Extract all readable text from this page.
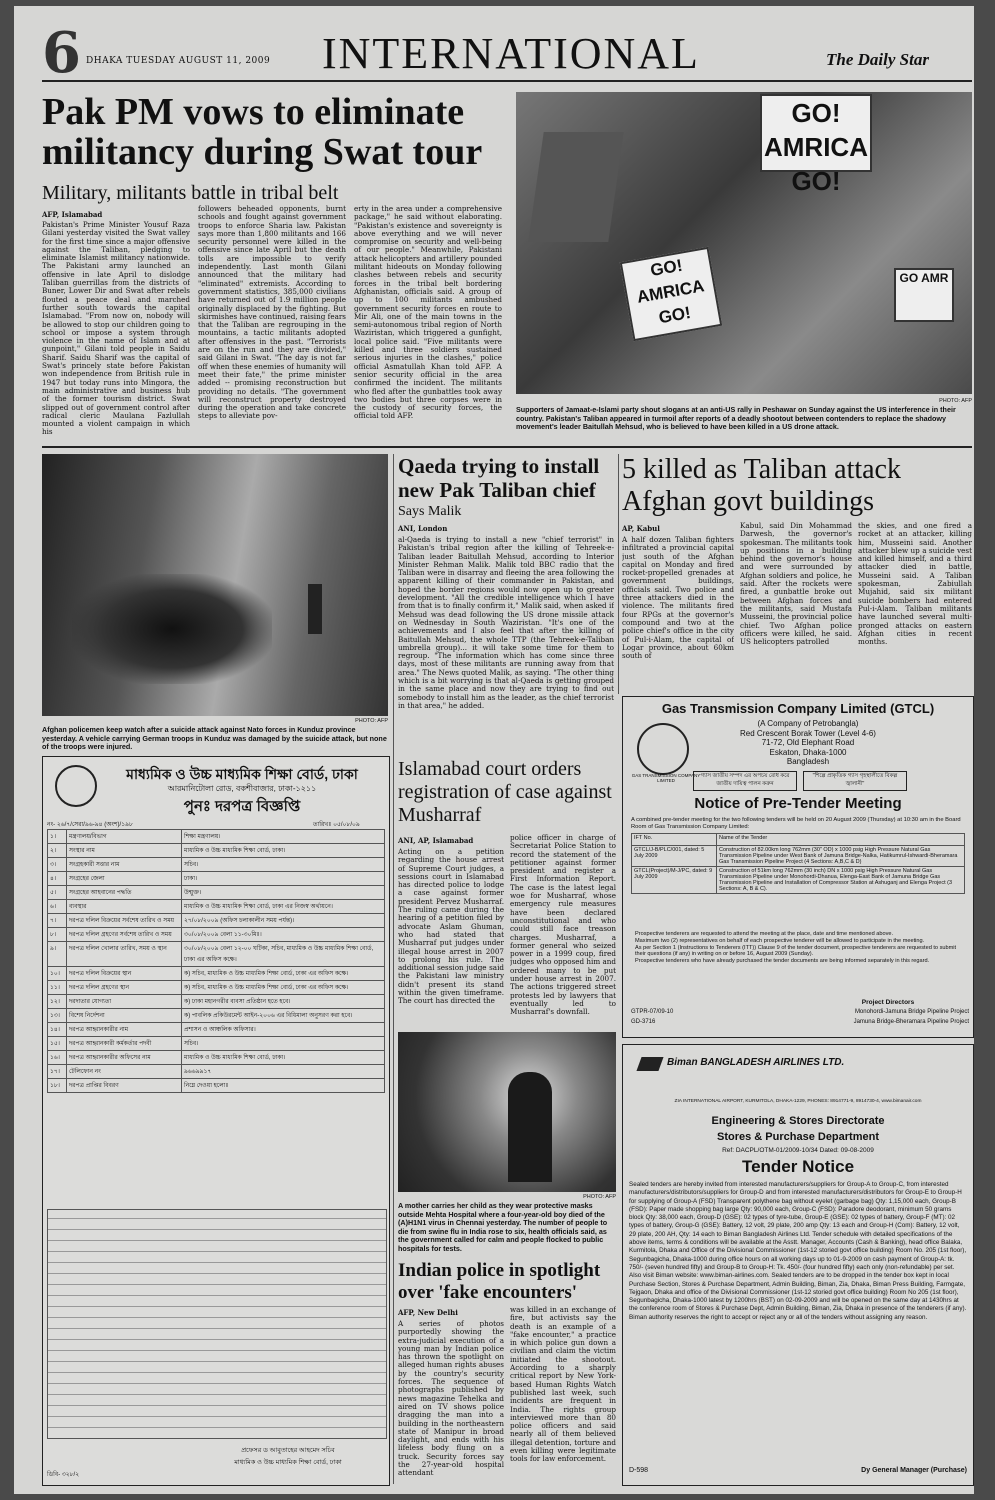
6 DHAKA TUESDAY AUGUST 11, 2009 INTERNATIONAL	The Daily Star
Pak PM vows to eliminate militancy during Swat tour
Military, militants battle in tribal belt
AFP, Islamabad
Pakistan's Prime Minister Yousuf Raza Gilani yesterday visited the Swat valley for the first time since a major offensive against the Taliban, pledging to eliminate Islamist militancy nationwide. The Pakistani army launched an offensive in late April to dislodge Taliban guerrillas from the districts of Buner, Lower Dir and Swat after rebels flouted a peace deal and marched further south towards the capital Islamabad. "From now on, nobody will be allowed to stop our children going to school or impose a system through violence in the name of Islam and at gunpoint," Gilani told people in Saidu Sharif. Saidu Sharif was the capital of Swat's princely state before Pakistan won independence from British rule in 1947 but today runs into Mingora, the main administrative and business hub of the former tourism district. Swat slipped out of government control after radical cleric Maulana Fazlullah mounted a violent campaign in which his
followers beheaded opponents, burnt schools and fought against government troops to enforce Sharia law. Pakistan says more than 1,800 militants and 166 security personnel were killed in the offensive since late April but the death tolls are impossible to verify independently. Last month Gilani announced that the military had "eliminated" extremists. According to government statistics, 385,000 civilians have returned out of 1.9 million people originally displaced by the fighting. But skirmishes have continued, raising fears that the Taliban are regrouping in the mountains, a tactic militants adopted after offensives in the past. "Terrorists are on the run and they are divided," said Gilani in Swat. "The day is not far off when these enemies of humanity will meet their fate," the prime minister added -- promising reconstruction but providing no details. "The government will reconstruct property destroyed during the operation and take concrete steps to alleviate pov-
erty in the area under a comprehensive package," he said without elaborating. "Pakistan's existence and sovereignty is above everything and we will never compromise on security and well-being of our people." Meanwhile, Pakistani attack helicopters and artillery pounded militant hideouts on Monday following clashes between rebels and security forces in the tribal belt bordering Afghanistan, officials said. A group of up to 100 militants ambushed government security forces en route to Mir Ali, one of the main towns in the semi-autonomous tribal region of North Waziristan, which triggered a gunfight, local police said. "Five militants were killed and three soldiers sustained serious injuries in the clashes," police official Asmatullah Khan told AFP. A senior security official in the area confirmed the incident. The militants who fled after the gunbattles took away two bodies but three corpses were in the custody of security forces, the official told AFP.
GO! AMRICA GO!
GO! AMRICA GO!
GO AMR
PHOTO: AFP
Supporters of Jamaat-e-Islami party shout slogans at an anti-US rally in Peshawar on Sunday against the US interference in their country. Pakistan's Taliban appeared in turmoil after reports of a deadly shootout between contenders to replace the shadowy movement's leader Baitullah Mehsud, who is believed to have been killed in a US drone attack.
PHOTO: AFP
Afghan policemen keep watch after a suicide attack against Nato forces in Kunduz province yesterday. A vehicle carrying German troops in Kunduz was damaged by the suicide attack, but none of the troops were injured.
Qaeda trying to install new Pak Taliban chief
Says Malik
ANI, London
al-Qaeda is trying to install a new "chief terrorist" in Pakistan's tribal region after the killing of Tehreek-e-Taliban leader Baitullah Mehsud, according to Interior Minister Rehman Malik. Malik told BBC radio that the Taliban were in disarray and fleeing the area following the apparent killing of their commander in Pakistan, and hoped the border regions would now open up to greater development. "All the credible intelligence which I have from that is to finally confirm it," Malik said, when asked if Mehsud was dead following the US drone missile attack on Wednesday in South Waziristan. "It's one of the achievements and I also feel that after the killing of Baitullah Mehsud, the whole TTP (the Tehreek-e-Taliban umbrella group)... it will take some time for them to regroup. "The information which has come since three days, most of these militants are running away from that area." The News quoted Malik, as saying. "The other thing which is a bit worrying is that al-Qaeda is getting grouped in the same place and now they are trying to find out somebody to install him as the leader, as the chief terrorist in that area," he added.
5 killed as Taliban attack Afghan govt buildings
AP, Kabul
A half dozen Taliban fighters infiltrated a provincial capital just south of the Afghan capital on Monday and fired rocket-propelled grenades at government buildings, officials said. Two police and three attackers died in the violence. The militants fired four RPGs at the governor's compound and two at the police chief's office in the city of Pul-i-Alam, the capital of Logar province, about 60km south of
Kabul, said Din Mohammad Darwesh, the governor's spokesman. The militants took up positions in a building behind the governor's house and were surrounded by Afghan soldiers and police, he said. After the rockets were fired, a gunbattle broke out between Afghan forces and the militants, said Mustafa Musseini, the provincial police chief. Two Afghan police officers were killed, he said. US helicopters patrolled
the skies, and one fired a rocket at an attacker, killing him, Musseini said. Another attacker blew up a suicide vest and killed himself, and a third attacker died in battle, Musseini said. A Taliban spokesman, Zabiullah Mujahid, said six militant suicide bombers had entered Pul-i-Alam. Taliban militants have launched several multi-pronged attacks on eastern Afghan cities in recent months.
মাধ্যমিক ও উচ্চ মাধ্যমিক শিক্ষা বোর্ড, ঢাকা
আরমানিটোলা রোড, বকশীবাজার, ঢাকা-১২১১
পুনঃ দরপত্র বিজ্ঞপ্তি
নং- ২৬/৭/সেরা/৯৬-৯৪ (অংশ)/১৯৮	তারিখঃ ০৫/০৮/০৯
১।	মন্ত্রণালয়/বিভাগ	শিক্ষা মন্ত্রণালয়।
২।	সংস্থার নাম	মাধ্যমিক ও উচ্চ মাধ্যমিক শিক্ষা বোর্ড, ঢাকা।
৩।	সংগ্রহকারী সত্তার নাম	সচিব।
৪।	সংগ্রহের জেলা	ঢাকা।
৫।	সংগ্রহের আহবানের পদ্ধতি	উন্মুক্ত।
৬।	ব্যবস্থার	মাধ্যমিক ও উচ্চ মাধ্যমিক শিক্ষা বোর্ড, ঢাকা এর নিজস্ব অর্থায়নে।
৭।	দরপত্র দলিল বিক্রয়ের সর্বশেষ তারিখ ও সময়	২৭/০৮/২০০৯ (অফিস চলাকালীন সময় পর্যন্ত)।
৮।	দরপত্র দলিল গ্রহণের সর্বশেষ তারিখ ও সময়	৩০/০৮/২০০৯ বেলা ১১-৩০মিঃ।
৯।	দরপত্র দলিল খোলার তারিখ, সময় ও স্থান	৩০/০৮/২০০৯ বেলা ১২-০০ ঘটিকা, সচিব, মাধ্যমিক ও উচ্চ মাধ্যমিক শিক্ষা বোর্ড, ঢাকা এর অফিস কক্ষে।
১০।	দরপত্র দলিল বিক্রয়ের স্থান	ক) সচিব, মাধ্যমিক ও উচ্চ মাধ্যমিক শিক্ষা বোর্ড, ঢাকা এর অফিস কক্ষে।
১১।	দরপত্র দলিল গ্রহণের স্থান	ক) সচিব, মাধ্যমিক ও উচ্চ মাধ্যমিক শিক্ষা বোর্ড, ঢাকা এর অফিস কক্ষে।
১২।	দরদাতার যোগ্যতা	ক) ঢাকা মহানগরীর ব্যবসা প্রতিষ্ঠান হতে হবে।
১৩।	বিশেষ নির্দেশনা	ক) পাবলিক প্রকিউরমেন্ট আইন-২০০৬ এর বিধিমালা অনুসরণ করা হবে।
১৪।	দরপত্র আহ্বানকারীর নাম	প্রশাসন ও আঞ্চলিক অফিসার।
১৫।	দরপত্র আহ্বানকারী কর্মকর্তার পদবী	সচিব।
১৬।	দরপত্র আহ্বানকারীর অফিসের নাম	মাধ্যমিক ও উচ্চ মাধ্যমিক শিক্ষা বোর্ড, ঢাকা।
১৭।	টেলিফোন নং	৯৬৬৯৯১৭
১৮।	দরপত্র প্রাপ্তির বিবরণ	নিম্নে দেওয়া হলোঃ
প্রফেসর ড আবুতাহের আহমেদ সচিব
মাধ্যমিক ও উচ্চ মাধ্যমিক শিক্ষা বোর্ড, ঢাকা
ডিবি- ৩২৮/২
Islamabad court orders registration of case against Musharraf
ANI, AP, Islamabad
Acting on a petition regarding the house arrest of Supreme Court judges, a sessions court in Islamabad has directed police to lodge a case against former president Pervez Musharraf. The ruling came during the hearing of a petition filed by advocate Aslam Ghuman, who had stated that Musharraf put judges under illegal house arrest in 2007 to prolong his rule. The additional session judge said the Pakistani law ministry didn't present its stand within the given timeframe. The court has directed the
police officer in charge of Secretariat Police Station to record the statement of the petitioner against former president and register a First Information Report. The case is the latest legal woe for Musharraf, whose emergency rule measures have been declared unconstitutional and who could still face treason charges. Musharraf, a former general who seized power in a 1999 coup, fired judges who opposed him and ordered many to be put under house arrest in 2007. The actions triggered street protests led by lawyers that eventually led to Musharraf's downfall.
PHOTO: AFP
A mother carries her child as they wear protective masks outside Mehta Hospital where a four-year-old boy died of the (A)H1N1 virus in Chennai yesterday. The number of people to die from swine flu in India rose to six, health officials said, as the government called for calm and people flocked to public hospitals for tests.
Indian police in spotlight over 'fake encounters'
AFP, New Delhi
A series of photos purportedly showing the extra-judicial execution of a young man by Indian police has thrown the spotlight on alleged human rights abuses by the country's security forces. The sequence of photographs published by news magazine Tehelka and aired on TV shows police dragging the man into a building in the northeastern state of Manipur in broad daylight, and ends with his lifeless body flung on a truck. Security forces say the 27-year-old hospital attendant
was killed in an exchange of fire, but activists say the death is an example of a "fake encounter," a practice in which police gun down a civilian and claim the victim initiated the shootout. According to a sharply critical report by New York-based Human Rights Watch published last week, such incidents are frequent in India. The rights group interviewed more than 80 police officers and said nearly all of them believed illegal detention, torture and even killing were legitimate tools for law enforcement.
Gas Transmission Company Limited (GTCL)
GAS TRANSMISSION COMPANY LIMITED
(A Company of Petrobangla)
Red Crescent Borak Tower (Level 4-6)
71-72, Old Elephant Road
Eskaton, Dhaka-1000
Bangladesh
গ্যাস জাতীয় সম্পদ এর অপচয় রোধ করে জাতীয় দায়িত্ব পালন করুন
"শিল্পে প্রাকৃতিক গ্যাস গৃহস্থালীতে বিকল্প জ্বালানী"
Notice of Pre-Tender Meeting
A combined pre-tender meeting for the two following tenders will be held on 20 August 2009 (Thursday) at 10:30 am in the Board Room of Gas Transmission Company Limited:
IFT No.	Name of the Tender
GTCL/J-B/PLC/001, dated: 5 July 2009	Construction of 82.00km long 762mm (30" OD) x 1000 psig High Pressure Natural Gas Transmission Pipeline under West Bank of Jamuna Bridge-Nalka, Hatikumrul-Ishwardi-Bheramara Gas Transmission Pipeline Project (4 Sections: A,B,C & D)
GTCL(Project)/M-J/PC, dated: 9 July 2009	Construction of 51km long 762mm (30 inch) DN x 1000 psig High Pressure Natural Gas Transmission Pipeline under Monohordi-Dhanua, Elenga-East Bank of Jamuna Bridge Gas Transmission Pipeline and Installation of Compressor Station at Ashuganj and Elenga Project (3 Sections: A, B & C).
Prospective tenderers are requested to attend the meeting at the place, date and time mentioned above.
Maximum two (2) representatives on behalf of each prospective tenderer will be allowed to participate in the meeting.
As per Section 1 (Instructions to Tenderers (ITT)) Clause 9 of the tender document, prospective tenderers are requested to submit their questions (if any) in writing on or before 16, August 2009 (Sunday).
Prospective tenderers who have already purchased the tender documents are being informed separately in this regard.
Project Directors
Monohordi-Jamuna Bridge Pipeline Project
Jamuna Bridge-Bheramara Pipeline Project
GTPR-07/09-10
GD-3716
Biman BANGLADESH AIRLINES LTD.
ZIA INTERNATIONAL AIRPORT, KURMITOLA, DHAKA-1229, PHONES: 8914771-9, 8914730-4, www.bimanair.com
Engineering & Stores Directorate
Stores & Purchase Department
Ref: DACPL/OTM-01/2009-10/34 Dated: 09-08-2009
Tender Notice
Sealed tenders are hereby invited from interested manufacturers/suppliers for Group-A to Group-C, from interested manufacturers/distributors/suppliers for Group-D and from interested manufacturers/distributors for Group-E to Group-H for supplying of Group-A (FSD) Transparent polythene bag without eyelet (garbage bag) Qty: 1,15,000 each, Group-B (FSD): Paper made shopping bag large Qty: 90,000 each, Group-C (FSD): Paradore deodorant, minimum 50 grams block Qty: 38,000 each, Group-D (GSE): 02 types of tyre-tube, Group-E (GSE): 02 types of battery, Group-F (MT): 02 types of battery, Group-G (GSE): Battery, 12 volt, 29 plate, 200 amp Qty: 13 each and Group-H (Com): Battery, 12 volt, 29 plate, 200 AH, Qty: 14 each to Biman Bangladesh Airlines Ltd. Tender schedule with detailed specifications of the above items, terms & conditions will be available at the Asstt. Manager, Accounts (Cash & Banking), head office Balaka, Kurmitola, Dhaka and Office of the Divisional Commissioner (1st-12 storied govt office building) Room No. 205 (1st floor), Segunbagicha, Dhaka-1000 during office hours on all working days up to 01-9-2009 on cash payment of Group-A: tk. 750/- (seven hundred fifty) and Group-B to Group-H: Tk. 450/- (four hundred fifty) each only (non-refundable) per set. Also visit Biman website: www.biman-airlines.com. Sealed tenders are to be dropped in the tender box kept in local Purchase Section, Stores & Purchase Department, Admin Building, Biman, Zia, Dhaka, Biman Press Building, Farmgate, Tejgaon, Dhaka and office of the Divisional Commissioner (1st-12 storied govt office building) Room No 205 (1st floor), Segunbagicha, Dhaka-1000 latest by 1200hrs (BST) on 02-09-2009 and will be opened on the same day at 1430hrs at the conference room of Stores & Purchase Dept, Admin Building, Biman, Zia, Dhaka in presence of the tenderers (if any). Biman authority reserves the right to accept or reject any or all of the tenders without assigning any reason.
D-598	Dy General Manager (Purchase)
